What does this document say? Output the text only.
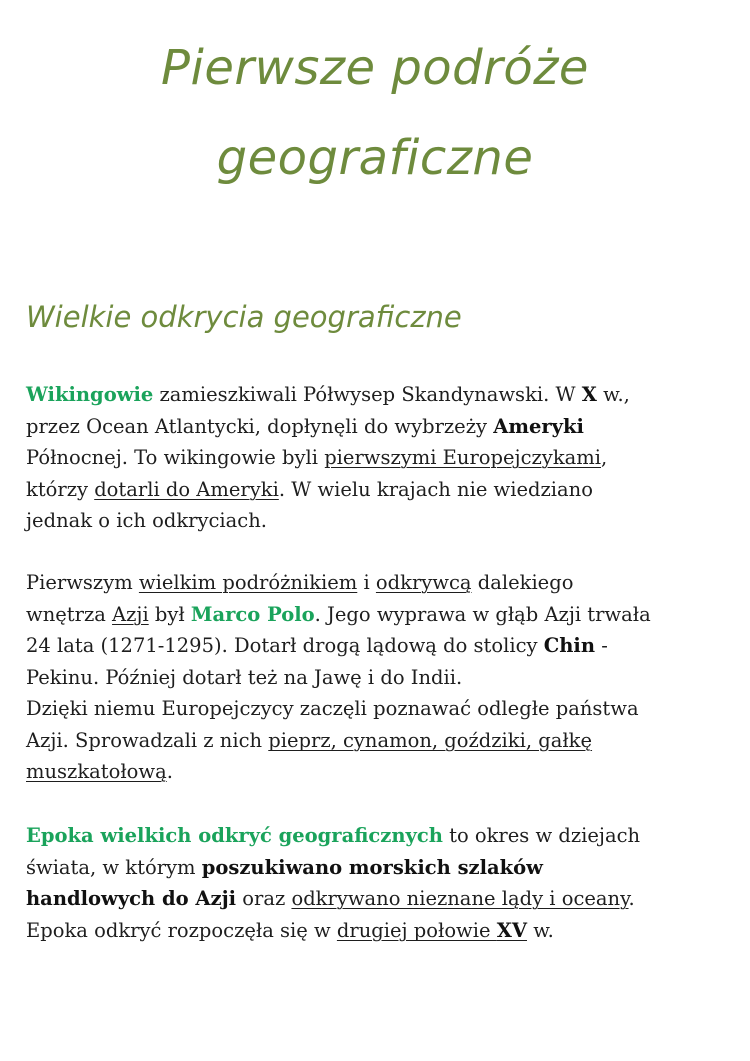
Pierwsze podróże
geograficzne
Wielkie odkrycia geograficzne
Wikingowie zamieszkiwali Półwysep Skandynawski. W X w.,
przez Ocean Atlantycki, dopłynęli do wybrzeży Ameryki
Północnej. To wikingowie byli pierwszymi Europejczykami,
którzy dotarli do Ameryki. W wielu krajach nie wiedziano
jednak o ich odkryciach.
Pierwszym wielkim podróżnikiem i odkrywcą dalekiego
wnętrza Azji był Marco Polo. Jego wyprawa w głąb Azji trwała
24 lata (1271-1295). Dotarł drogą lądową do stolicy Chin -
Pekinu. Później dotarł też na Jawę i do Indii.
Dzięki niemu Europejczycy zaczęli poznawać odległe państwa
Azji. Sprowadzali z nich pieprz, cynamon, goździki, gałkę
muszkatołową.
Epoka wielkich odkryć geograficznych to okres w dziejach
świata, w którym poszukiwano morskich szlaków
handlowych do Azji oraz odkrywano nieznane lądy i oceany.
Epoka odkryć rozpoczęła się w drugiej połowie XV w.
